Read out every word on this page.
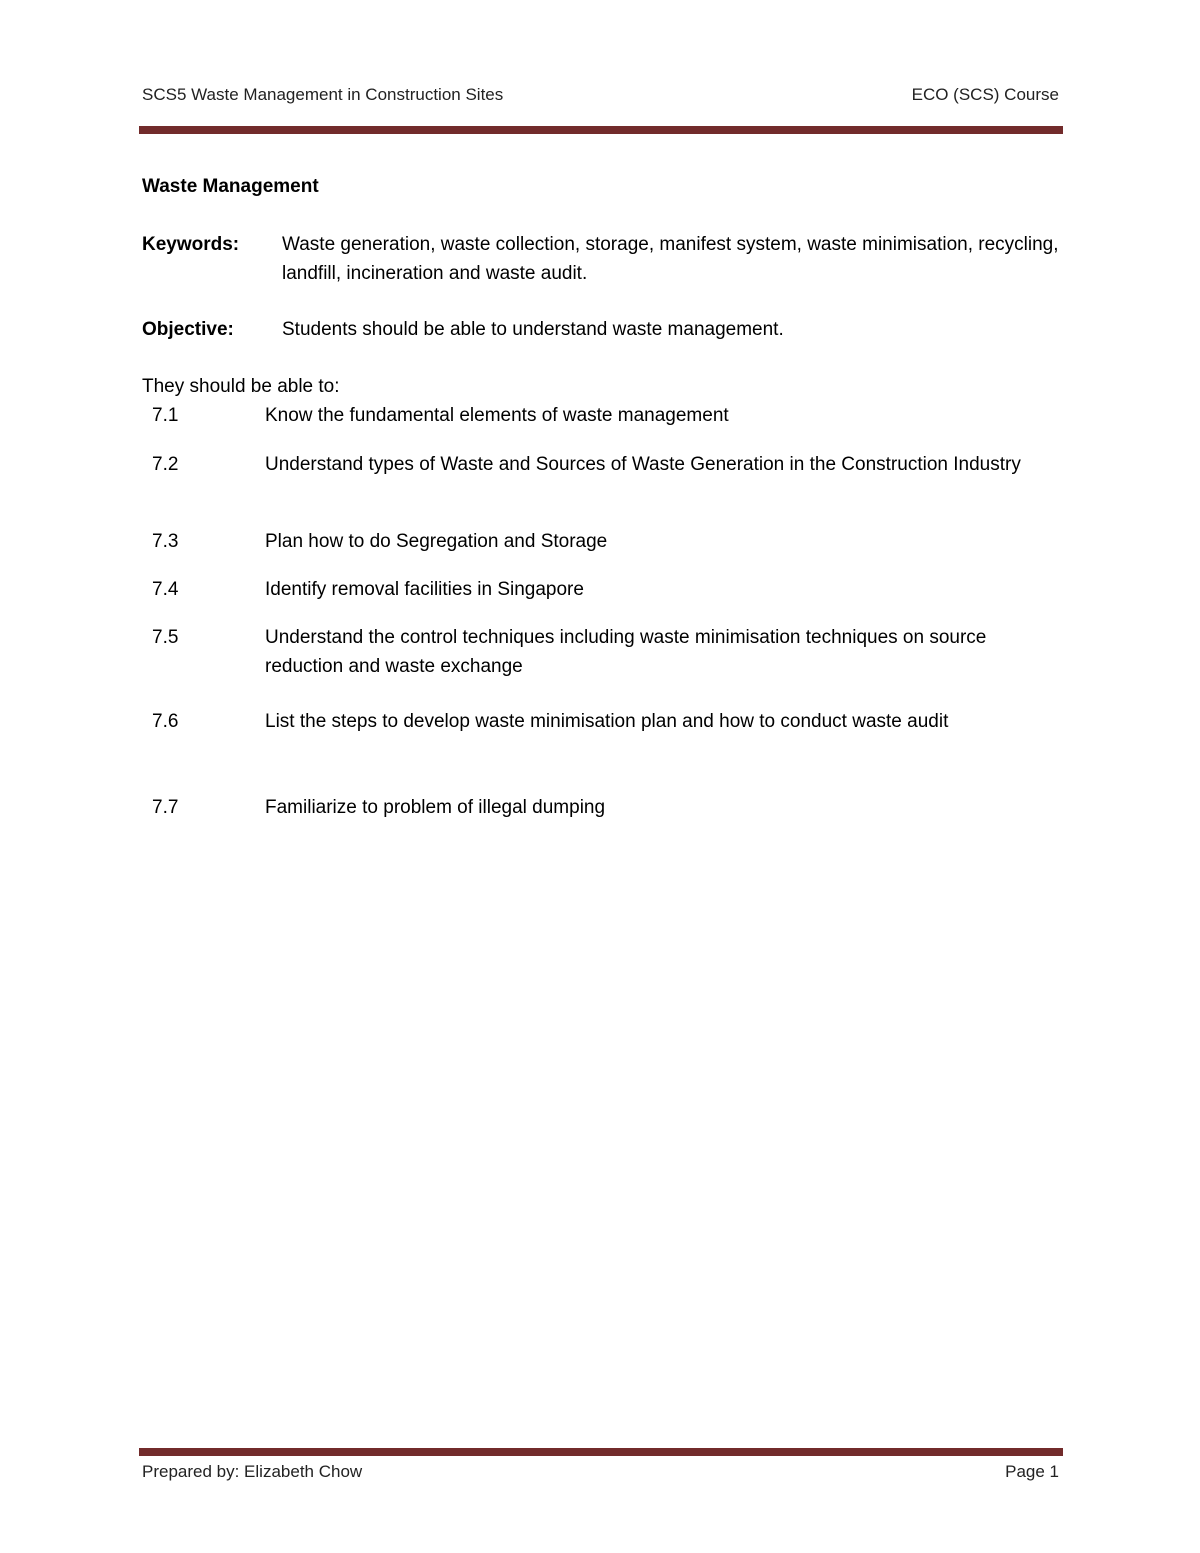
SCS5 Waste Management in Construction Sites	ECO (SCS) Course
Waste Management
Keywords: Waste generation, waste collection, storage, manifest system, waste minimisation, recycling, landfill, incineration and waste audit.
Objective:	Students should be able to understand waste management.
They should be able to:
7.1	Know the fundamental elements of waste management
7.2	Understand types of Waste and Sources of Waste Generation in the Construction Industry
7.3	Plan how to do Segregation and Storage
7.4	Identify removal facilities in Singapore
7.5	Understand the control techniques including waste minimisation techniques on source reduction and waste exchange
7.6	List the steps to develop waste minimisation plan and how to conduct waste audit
7.7	Familiarize to problem of illegal dumping
Prepared by: Elizabeth Chow	Page 1
